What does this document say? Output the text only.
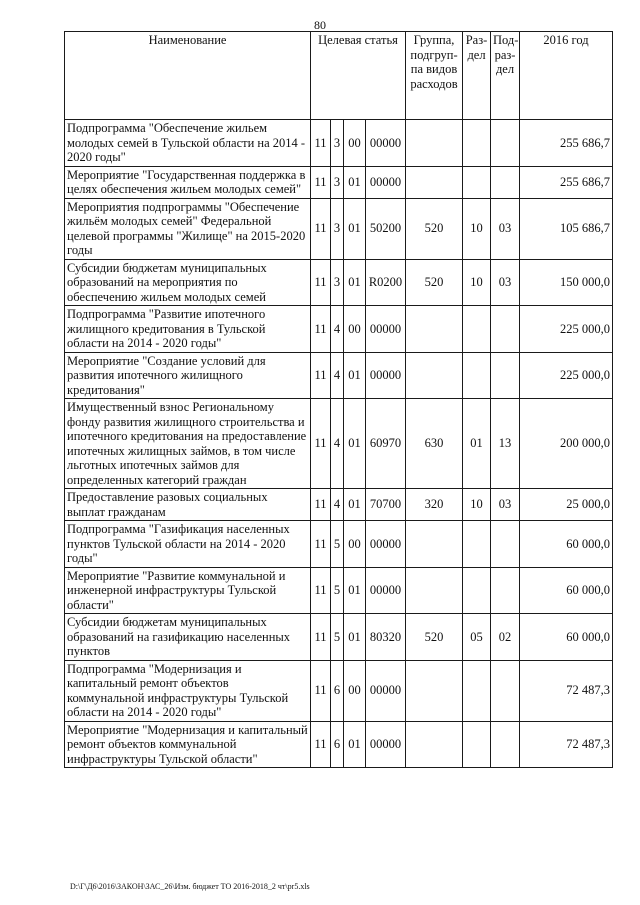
80
Наименование	Целевая статья				Группа, подгруп-па видов расходов	Раз-дел	Под-раз-дел	2016 год
Подпрограмма "Обеспечение жильем молодых семей в Тульской области на 2014 - 2020 годы"	11	3	00	00000				255 686,7
Мероприятие "Государственная поддержка в целях обеспечения жильем молодых семей"	11	3	01	00000				255 686,7
Мероприятия подпрограммы "Обеспечение жильём молодых семей" Федеральной целевой программы "Жилище" на 2015-2020 годы	11	3	01	50200	520	10	03	105 686,7
Субсидии бюджетам муниципальных образований на мероприятия по обеспечению жильем молодых семей	11	3	01	R0200	520	10	03	150 000,0
Подпрограмма "Развитие ипотечного жилищного кредитования в Тульской области на 2014 - 2020 годы"	11	4	00	00000				225 000,0
Мероприятие "Создание условий для развития ипотечного жилищного кредитования"	11	4	01	00000				225 000,0
Имущественный взнос Региональному фонду развития жилищного строительства и ипотечного кредитования на предоставление ипотечных жилищных займов, в том числе льготных ипотечных займов для определенных категорий граждан	11	4	01	60970	630	01	13	200 000,0
Предоставление разовых социальных выплат гражданам	11	4	01	70700	320	10	03	25 000,0
Подпрограмма "Газификация населенных пунктов Тульской области на 2014 - 2020 годы"	11	5	00	00000				60 000,0
Мероприятие "Развитие коммунальной и инженерной инфраструктуры Тульской области"	11	5	01	00000				60 000,0
Субсидии бюджетам муниципальных образований на газификацию населенных пунктов	11	5	01	80320	520	05	02	60 000,0
Подпрограмма "Модернизация и капитальный ремонт объектов коммунальной инфраструктуры Тульской области на 2014 - 2020 годы"	11	6	00	00000				72 487,3
Мероприятие "Модернизация и капитальный ремонт объектов коммунальной инфраструктуры Тульской области"	11	6	01	00000				72 487,3
D:\Г\Д6\2016\ЗАКОН\ЗАС_26\Изм. бюджет ТО 2016-2018_2 чт\pr5.xls
